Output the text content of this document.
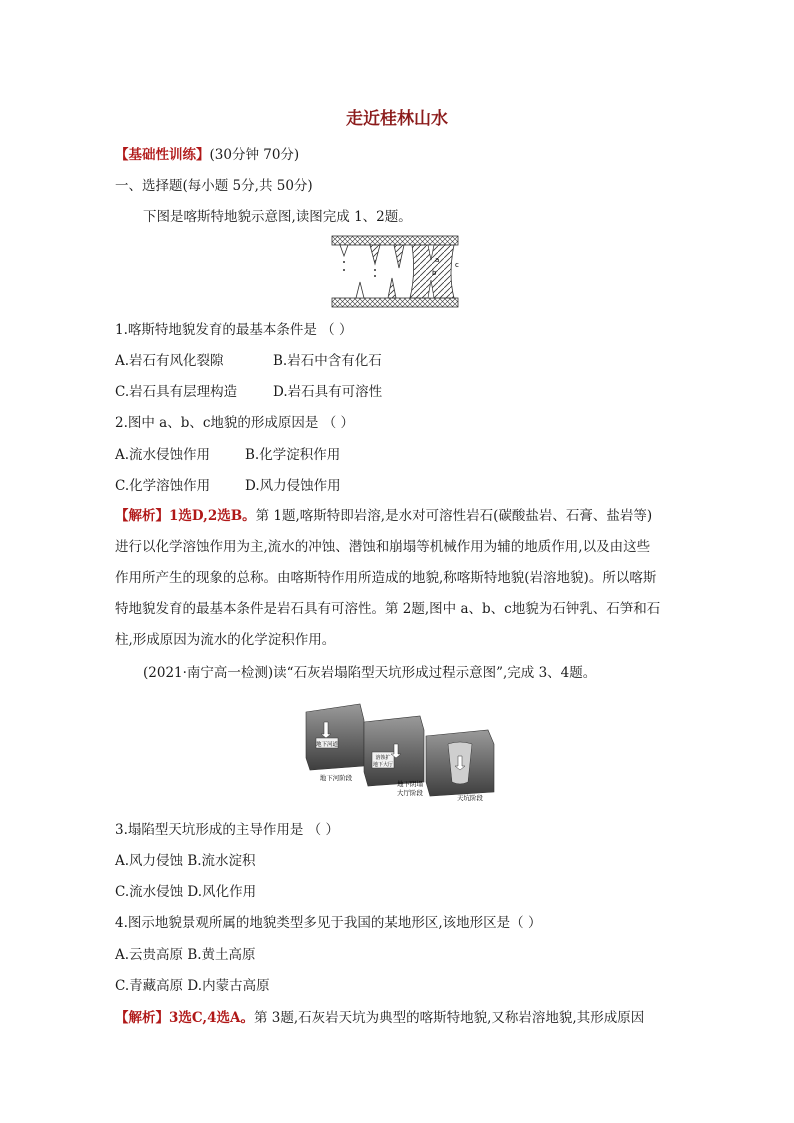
走近桂林山水
【基础性训练】(30分钟 70分)
一、选择题(每小题 5分,共 50分)
下图是喀斯特地貌示意图,读图完成 1、2题。
a
b
c
1.喀斯特地貌发育的最基本条件是 （ ）
A.岩石有风化裂隙	B.岩石中含有化石
C.岩石具有层理构造	D.岩石具有可溶性
2.图中 a、b、c地貌的形成原因是 （ ）
A.流水侵蚀作用	B.化学淀积作用
C.化学溶蚀作用	D.风力侵蚀作用
【解析】1选D,2选B。第 1题,喀斯特即岩溶,是水对可溶性岩石(碳酸盐岩、石膏、盐岩等)
进行以化学溶蚀作用为主,流水的冲蚀、潜蚀和崩塌等机械作用为辅的地质作用,以及由这些
作用所产生的现象的总称。由喀斯特作用所造成的地貌,称喀斯特地貌(岩溶地貌)。所以喀斯
特地貌发育的最基本条件是岩石具有可溶性。第 2题,图中 a、b、c地貌为石钟乳、石笋和石
柱,形成原因为流水的化学淀积作用。
(2021·南宁高一检测)读“石灰岩塌陷型天坑形成过程示意图”,完成 3、4题。
地下河道
地下河阶段
溶蚀扩
地下大厅
地下阴塌
大厅阶段
天坑阶段
3.塌陷型天坑形成的主导作用是 （ ）
A.风力侵蚀 B.流水淀积
C.流水侵蚀 D.风化作用
4.图示地貌景观所属的地貌类型多见于我国的某地形区,该地形区是（ ）
A.云贵高原 B.黄土高原
C.青藏高原 D.内蒙古高原
【解析】3选C,4选A。第 3题,石灰岩天坑为典型的喀斯特地貌,又称岩溶地貌,其形成原因
